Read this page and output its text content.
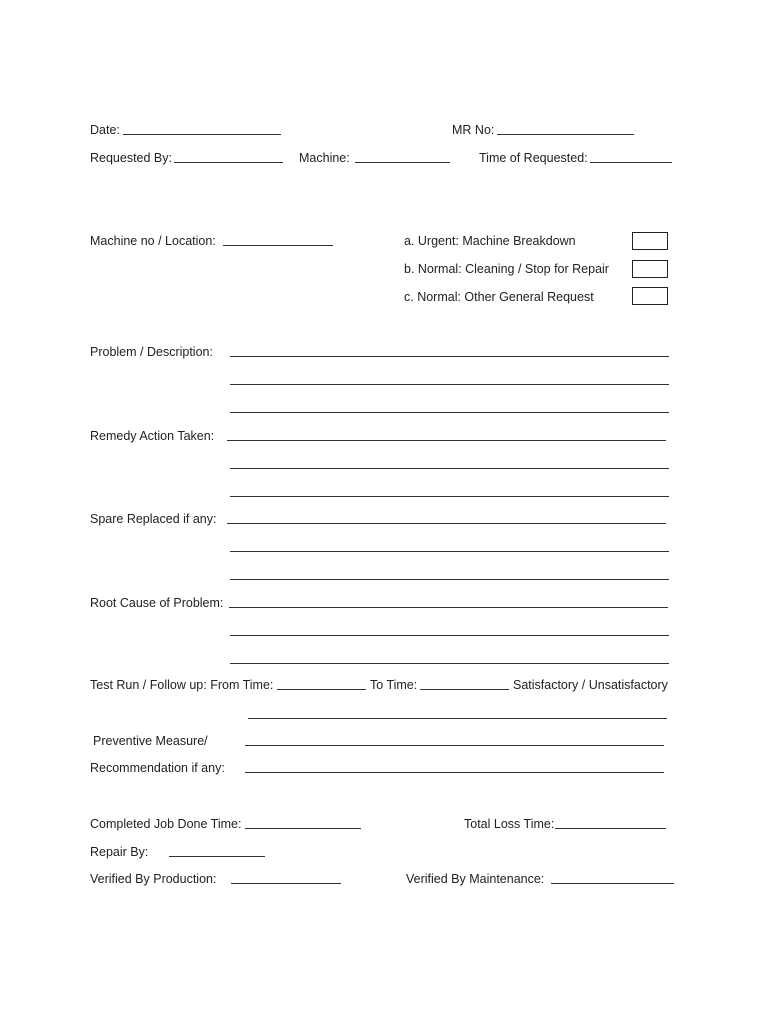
Date:	MR No:
Requested By:	Machine:	Time of Requested:
Machine no / Location:	a. Urgent: Machine Breakdown
b. Normal: Cleaning / Stop for Repair
c. Normal: Other General Request
Problem / Description:
Remedy Action Taken:
Spare Replaced if any:
Root Cause of Problem:
Test Run / Follow up: From Time:	To Time:	Satisfactory / Unsatisfactory
Preventive Measure/
Recommendation if any:
Completed Job Done Time:	Total Loss Time:
Repair By:
Verified By Production:	Verified By Maintenance:
